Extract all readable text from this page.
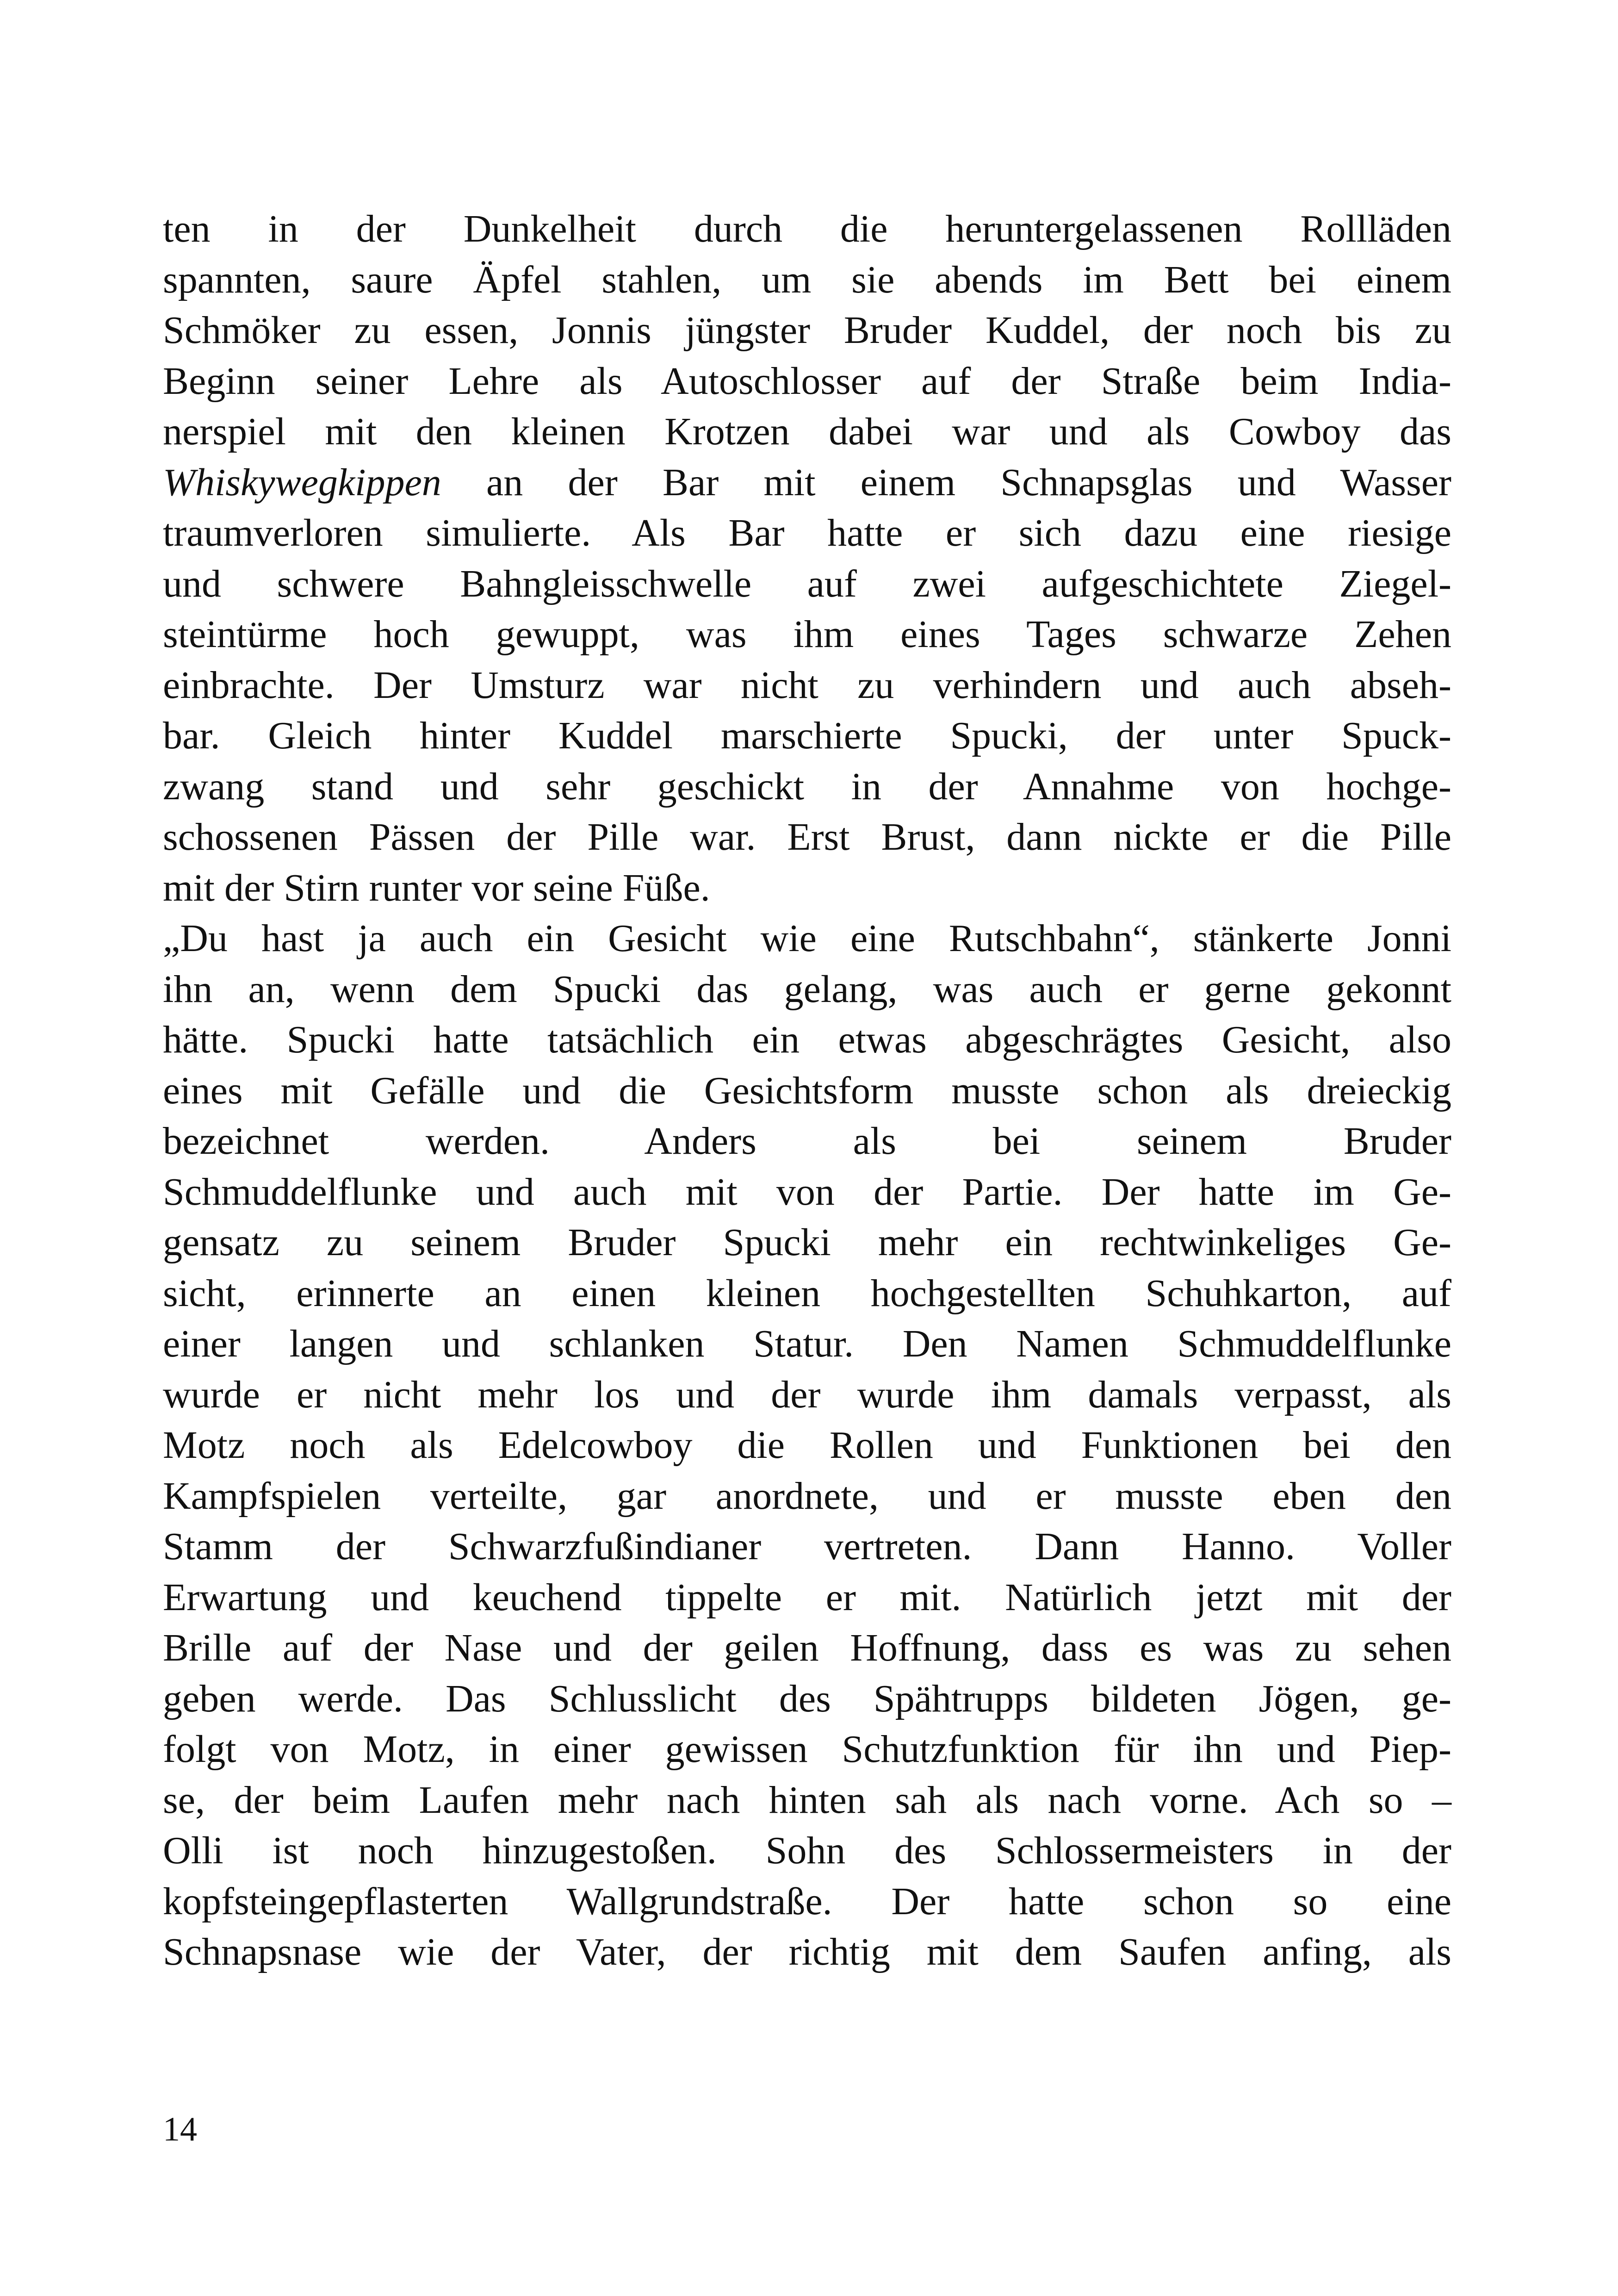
ten in der Dunkelheit durch die heruntergelassenen Rollläden
spannten, saure Äpfel stahlen, um sie abends im Bett bei einem
Schmöker zu essen, Jonnis jüngster Bruder Kuddel, der noch bis zu
Beginn seiner Lehre als Autoschlosser auf der Straße beim India-
nerspiel mit den kleinen Krotzen dabei war und als Cowboy das
Whiskywegkippen an der Bar mit einem Schnapsglas und Wasser
traumverloren simulierte. Als Bar hatte er sich dazu eine riesige
und schwere Bahngleisschwelle auf zwei aufgeschichtete Ziegel-
steintürme hoch gewuppt, was ihm eines Tages schwarze Zehen
einbrachte. Der Umsturz war nicht zu verhindern und auch abseh-
bar. Gleich hinter Kuddel marschierte Spucki, der unter Spuck-
zwang stand und sehr geschickt in der Annahme von hochge-
schossenen Pässen der Pille war. Erst Brust, dann nickte er die Pille
mit der Stirn runter vor seine Füße.
„Du hast ja auch ein Gesicht wie eine Rutschbahn“, stänkerte Jonni
ihn an, wenn dem Spucki das gelang, was auch er gerne gekonnt
hätte. Spucki hatte tatsächlich ein etwas abgeschrägtes Gesicht, also
eines mit Gefälle und die Gesichtsform musste schon als dreieckig
bezeichnet werden. Anders als bei seinem Bruder
Schmuddelflunke und auch mit von der Partie. Der hatte im Ge-
gensatz zu seinem Bruder Spucki mehr ein rechtwinkeliges Ge-
sicht, erinnerte an einen kleinen hochgestellten Schuhkarton, auf
einer langen und schlanken Statur. Den Namen Schmuddelflunke
wurde er nicht mehr los und der wurde ihm damals verpasst, als
Motz noch als Edelcowboy die Rollen und Funktionen bei den
Kampfspielen verteilte, gar anordnete, und er musste eben den
Stamm der Schwarzfußindianer vertreten. Dann Hanno. Voller
Erwartung und keuchend tippelte er mit. Natürlich jetzt mit der
Brille auf der Nase und der geilen Hoffnung, dass es was zu sehen
geben werde. Das Schlusslicht des Spähtrupps bildeten Jögen, ge-
folgt von Motz, in einer gewissen Schutzfunktion für ihn und Piep-
se, der beim Laufen mehr nach hinten sah als nach vorne. Ach so –
Olli ist noch hinzugestoßen. Sohn des Schlossermeisters in der
kopfsteingepflasterten Wallgrundstraße. Der hatte schon so eine
Schnapsnase wie der Vater, der richtig mit dem Saufen anfing, als
14
